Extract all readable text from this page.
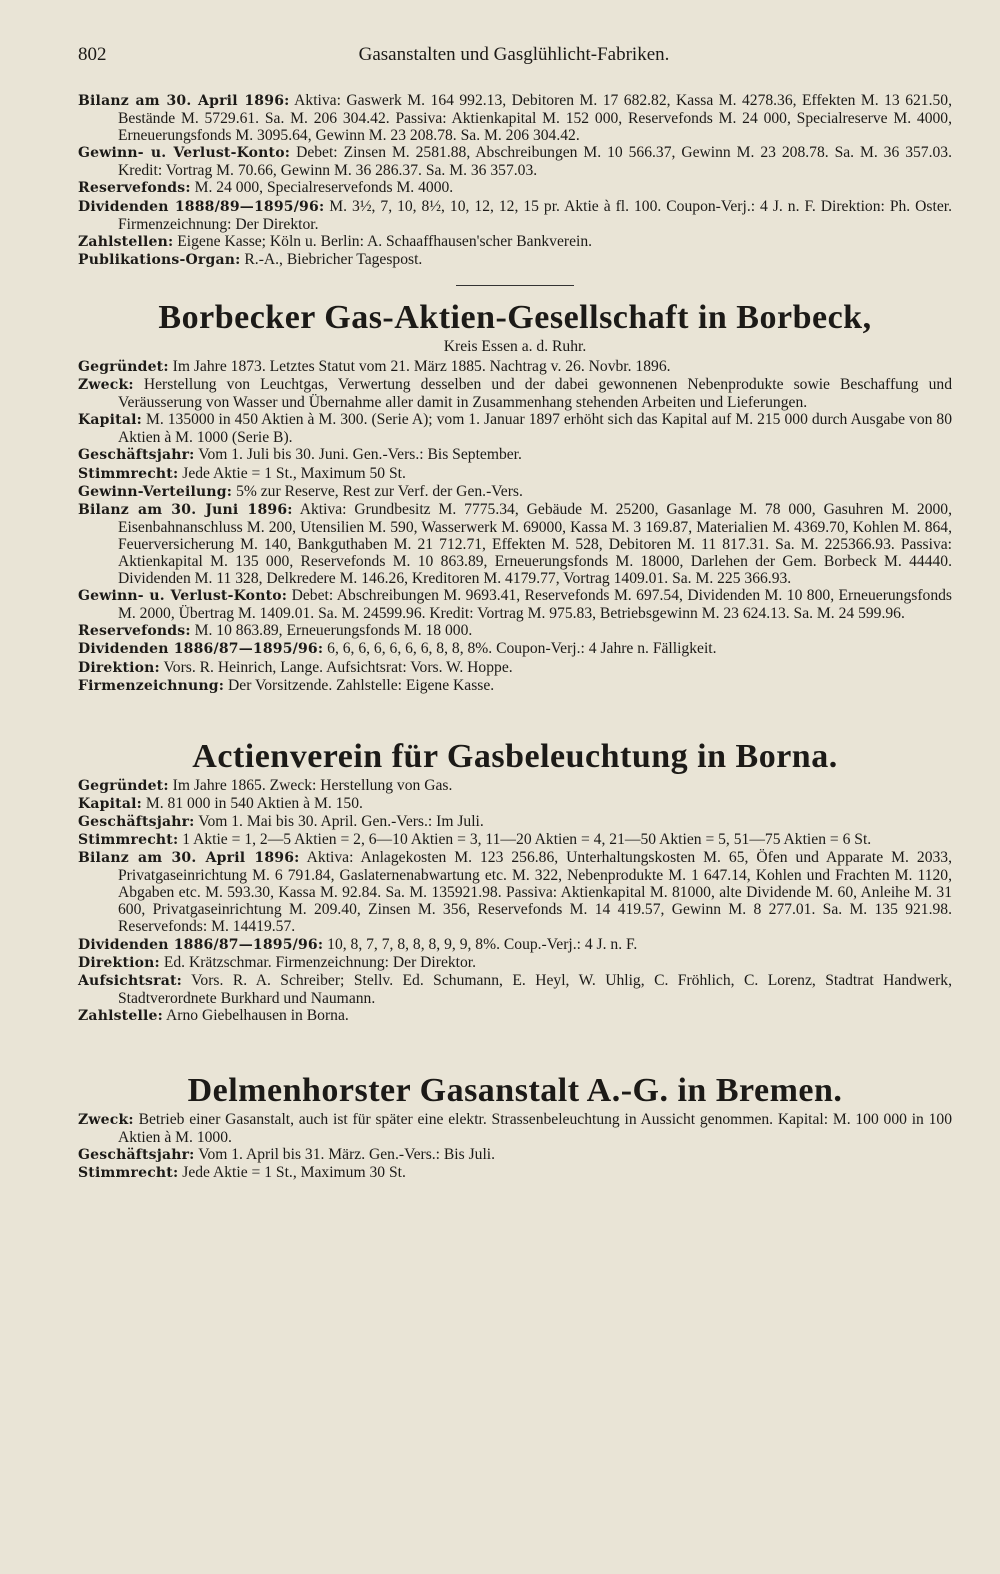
802	Gasanstalten und Gasglühlicht-Fabriken.

Bilanz am 30. April 1896: Aktiva: Gaswerk M. 164 992.13, Debitoren M. 17 682.82, Kassa M. 4278.36, Effekten M. 13 621.50, Bestände M. 5729.61. Sa. M. 206 304.42. Passiva: Aktienkapital M. 152 000, Reservefonds M. 24 000, Specialreserve M. 4000, Erneuerungsfonds M. 3095.64, Gewinn M. 23 208.78. Sa. M. 206 304.42.

Gewinn- u. Verlust-Konto: Debet: Zinsen M. 2581.88, Abschreibungen M. 10 566.37, Gewinn M. 23 208.78. Sa. M. 36 357.03. Kredit: Vortrag M. 70.66, Gewinn M. 36 286.37. Sa. M. 36 357.03.

Reservefonds: M. 24 000, Specialreservefonds M. 4000.

Dividenden 1888/89—1895/96: M. 3½, 7, 10, 8½, 10, 12, 12, 15 pr. Aktie à fl. 100. Coupon-Verj.: 4 J. n. F. Direktion: Ph. Oster. Firmenzeichnung: Der Direktor.

Zahlstellen: Eigene Kasse; Köln u. Berlin: A. Schaaffhausen'scher Bankverein.

Publikations-Organ: R.-A., Biebricher Tagespost.

Borbecker Gas-Aktien-Gesellschaft in Borbeck,
Kreis Essen a. d. Ruhr.

Gegründet: Im Jahre 1873. Letztes Statut vom 21. März 1885. Nachtrag v. 26. Novbr. 1896.

Zweck: Herstellung von Leuchtgas, Verwertung desselben und der dabei gewonnenen Nebenprodukte sowie Beschaffung und Veräusserung von Wasser und Übernahme aller damit in Zusammenhang stehenden Arbeiten und Lieferungen.

Kapital: M. 135000 in 450 Aktien à M. 300. (Serie A); vom 1. Januar 1897 erhöht sich das Kapital auf M. 215 000 durch Ausgabe von 80 Aktien à M. 1000 (Serie B).

Geschäftsjahr: Vom 1. Juli bis 30. Juni. Gen.-Vers.: Bis September.

Stimmrecht: Jede Aktie = 1 St., Maximum 50 St.

Gewinn-Verteilung: 5% zur Reserve, Rest zur Verf. der Gen.-Vers.

Bilanz am 30. Juni 1896: Aktiva: Grundbesitz M. 7775.34, Gebäude M. 25200, Gasanlage M. 78 000, Gasuhren M. 2000, Eisenbahnanschluss M. 200, Utensilien M. 590, Wasserwerk M. 69000, Kassa M. 3 169.87, Materialien M. 4369.70, Kohlen M. 864, Feuerversicherung M. 140, Bankguthaben M. 21 712.71, Effekten M. 528, Debitoren M. 11 817.31. Sa. M. 225366.93. Passiva: Aktienkapital M. 135 000, Reservefonds M. 10 863.89, Erneuerungsfonds M. 18000, Darlehen der Gem. Borbeck M. 44440. Dividenden M. 11 328, Delkredere M. 146.26, Kreditoren M. 4179.77, Vortrag 1409.01. Sa. M. 225 366.93.

Gewinn- u. Verlust-Konto: Debet: Abschreibungen M. 9693.41, Reservefonds M. 697.54, Dividenden M. 10 800, Erneuerungsfonds M. 2000, Übertrag M. 1409.01. Sa. M. 24599.96. Kredit: Vortrag M. 975.83, Betriebsgewinn M. 23 624.13. Sa. M. 24 599.96.

Reservefonds: M. 10 863.89, Erneuerungsfonds M. 18 000.

Dividenden 1886/87—1895/96: 6, 6, 6, 6, 6, 6, 6, 8, 8, 8%. Coupon-Verj.: 4 Jahre n. Fälligkeit.

Direktion: Vors. R. Heinrich, Lange. Aufsichtsrat: Vors. W. Hoppe.

Firmenzeichnung: Der Vorsitzende. Zahlstelle: Eigene Kasse.

Actienverein für Gasbeleuchtung in Borna.

Gegründet: Im Jahre 1865. Zweck: Herstellung von Gas.

Kapital: M. 81 000 in 540 Aktien à M. 150.

Geschäftsjahr: Vom 1. Mai bis 30. April. Gen.-Vers.: Im Juli.

Stimmrecht: 1 Aktie = 1, 2—5 Aktien = 2, 6—10 Aktien = 3, 11—20 Aktien = 4, 21—50 Aktien = 5, 51—75 Aktien = 6 St.

Bilanz am 30. April 1896: Aktiva: Anlagekosten M. 123 256.86, Unterhaltungskosten M. 65, Öfen und Apparate M. 2033, Privatgaseinrichtung M. 6 791.84, Gaslaternenabwartung etc. M. 322, Nebenprodukte M. 1 647.14, Kohlen und Frachten M. 1120, Abgaben etc. M. 593.30, Kassa M. 92.84. Sa. M. 135921.98. Passiva: Aktienkapital M. 81000, alte Dividende M. 60, Anleihe M. 31 600, Privatgaseinrichtung M. 209.40, Zinsen M. 356, Reservefonds M. 14 419.57, Gewinn M. 8 277.01. Sa. M. 135 921.98. Reservefonds: M. 14419.57.

Dividenden 1886/87—1895/96: 10, 8, 7, 7, 8, 8, 8, 9, 9, 8%. Coup.-Verj.: 4 J. n. F.

Direktion: Ed. Krätzschmar. Firmenzeichnung: Der Direktor.

Aufsichtsrat: Vors. R. A. Schreiber; Stellv. Ed. Schumann, E. Heyl, W. Uhlig, C. Fröhlich, C. Lorenz, Stadtrat Handwerk, Stadtverordnete Burkhard und Naumann.

Zahlstelle: Arno Giebelhausen in Borna.

Delmenhorster Gasanstalt A.-G. in Bremen.

Zweck: Betrieb einer Gasanstalt, auch ist für später eine elektr. Strassenbeleuchtung in Aussicht genommen. Kapital: M. 100 000 in 100 Aktien à M. 1000.

Geschäftsjahr: Vom 1. April bis 31. März. Gen.-Vers.: Bis Juli.

Stimmrecht: Jede Aktie = 1 St., Maximum 30 St.
